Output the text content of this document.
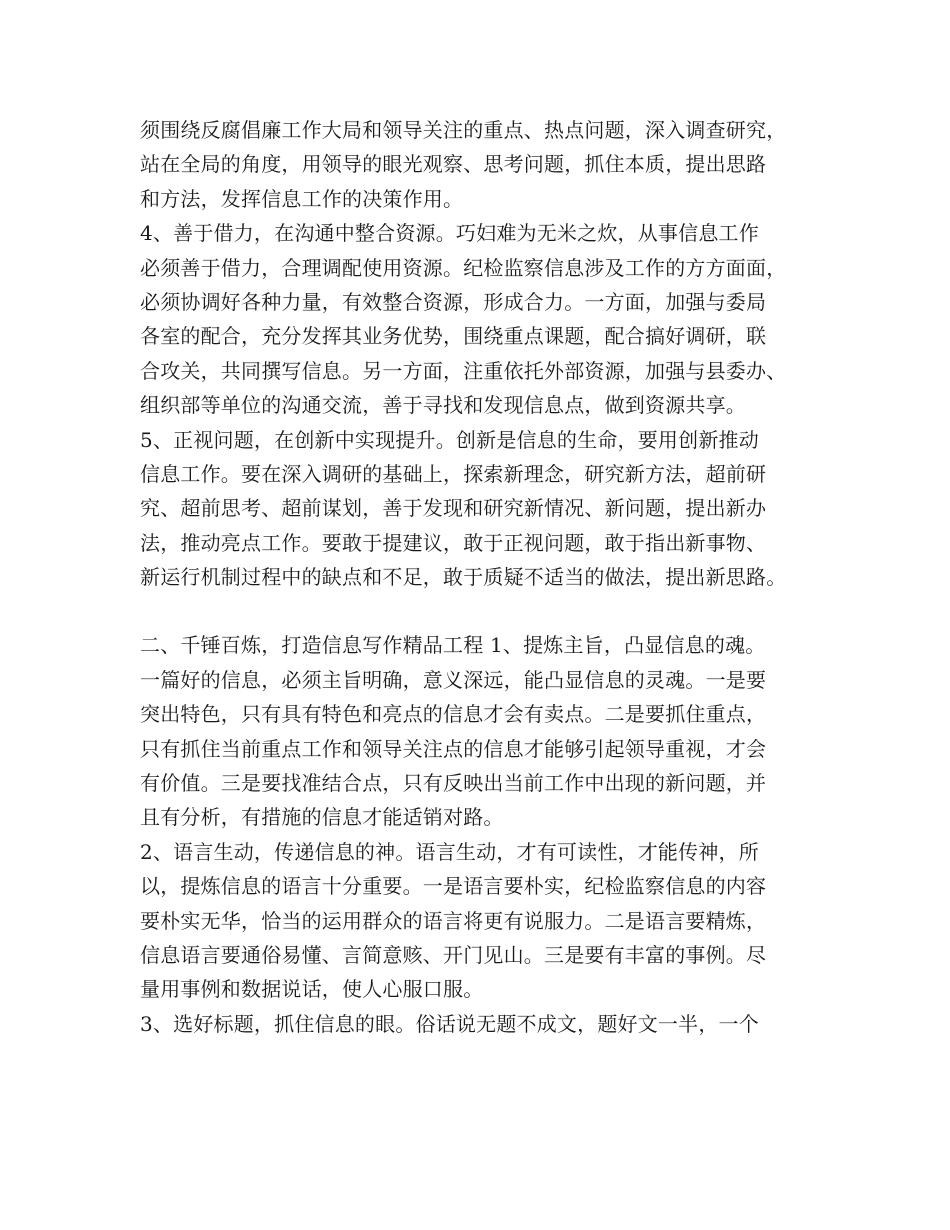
须围绕反腐倡廉工作大局和领导关注的重点、热点问题，深入调查研究，
站在全局的角度，用领导的眼光观察、思考问题，抓住本质，提出思路
和方法，发挥信息工作的决策作用。
4、善于借力，在沟通中整合资源。巧妇难为无米之炊，从事信息工作
必须善于借力，合理调配使用资源。纪检监察信息涉及工作的方方面面，
必须协调好各种力量，有效整合资源，形成合力。一方面，加强与委局
各室的配合，充分发挥其业务优势，围绕重点课题，配合搞好调研，联
合攻关，共同撰写信息。另一方面，注重依托外部资源，加强与县委办、
组织部等单位的沟通交流，善于寻找和发现信息点，做到资源共享。
5、正视问题，在创新中实现提升。创新是信息的生命，要用创新推动
信息工作。要在深入调研的基础上，探索新理念，研究新方法，超前研
究、超前思考、超前谋划，善于发现和研究新情况、新问题，提出新办
法，推动亮点工作。要敢于提建议，敢于正视问题，敢于指出新事物、
新运行机制过程中的缺点和不足，敢于质疑不适当的做法，提出新思路。
二、千锤百炼，打造信息写作精品工程 1、提炼主旨，凸显信息的魂。
一篇好的信息，必须主旨明确，意义深远，能凸显信息的灵魂。一是要
突出特色，只有具有特色和亮点的信息才会有卖点。二是要抓住重点，
只有抓住当前重点工作和领导关注点的信息才能够引起领导重视，才会
有价值。三是要找准结合点，只有反映出当前工作中出现的新问题，并
且有分析，有措施的信息才能适销对路。
2、语言生动，传递信息的神。语言生动，才有可读性，才能传神，所
以，提炼信息的语言十分重要。一是语言要朴实，纪检监察信息的内容
要朴实无华，恰当的运用群众的语言将更有说服力。二是语言要精炼，
信息语言要通俗易懂、言简意赅、开门见山。三是要有丰富的事例。尽
量用事例和数据说话，使人心服口服。
3、选好标题，抓住信息的眼。俗话说无题不成文，题好文一半，一个
